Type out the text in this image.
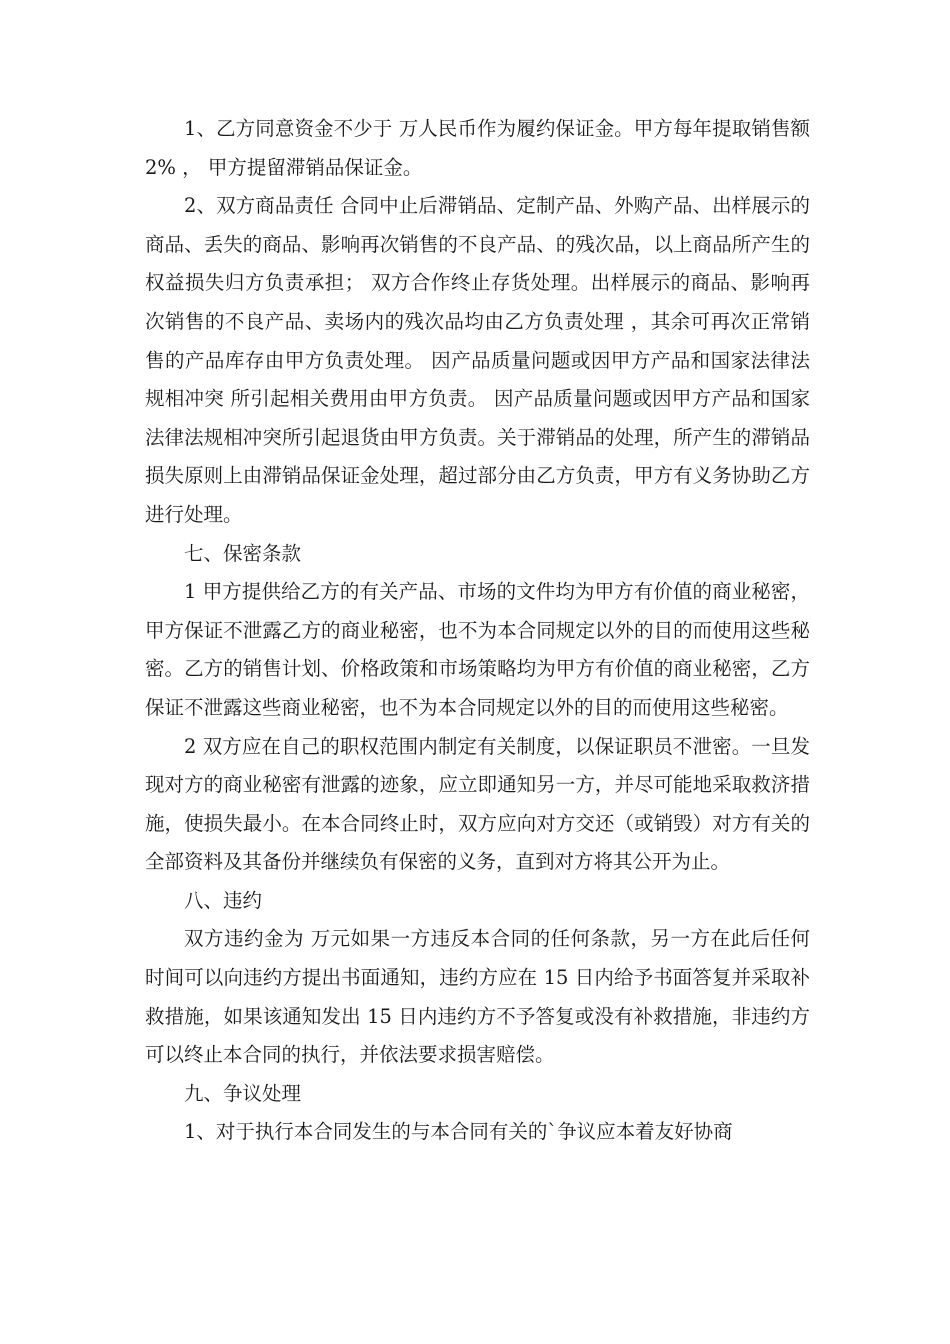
1、乙方同意资金不少于 万人民币作为履约保证金。甲方每年提取销售额 2% ， 甲方提留滞销品保证金。

2、双方商品责任 合同中止后滞销品、定制产品、外购产品、出样展示的商品、丢失的商品、影响再次销售的不良产品、的残次品，以上商品所产生的权益损失归方负责承担； 双方合作终止存货处理。出样展示的商品、影响再次销售的不良产品、卖场内的残次品均由乙方负责处理 ，其余可再次正常销售的产品库存由甲方负责处理。 因产品质量问题或因甲方产品和国家法律法规相冲突 所引起相关费用由甲方负责。 因产品质量问题或因甲方产品和国家法律法规相冲突所引起退货由甲方负责。关于滞销品的处理，所产生的滞销品损失原则上由滞销品保证金处理，超过部分由乙方负责，甲方有义务协助乙方进行处理。

七、保密条款

1 甲方提供给乙方的有关产品、市场的文件均为甲方有价值的商业秘密，甲方保证不泄露乙方的商业秘密，也不为本合同规定以外的目的而使用这些秘密。乙方的销售计划、价格政策和市场策略均为甲方有价值的商业秘密，乙方保证不泄露这些商业秘密，也不为本合同规定以外的目的而使用这些秘密。

2 双方应在自己的职权范围内制定有关制度，以保证职员不泄密。一旦发现对方的商业秘密有泄露的迹象，应立即通知另一方，并尽可能地采取救济措施，使损失最小。在本合同终止时，双方应向对方交还（或销毁）对方有关的全部资料及其备份并继续负有保密的义务，直到对方将其公开为止。

八、违约

双方违约金为 万元如果一方违反本合同的任何条款，另一方在此后任何时间可以向违约方提出书面通知，违约方应在 15 日内给予书面答复并采取补救措施，如果该通知发出 15 日内违约方不予答复或没有补救措施，非违约方可以终止本合同的执行，并依法要求损害赔偿。

九、争议处理

1、对于执行本合同发生的与本合同有关的`争议应本着友好协商
